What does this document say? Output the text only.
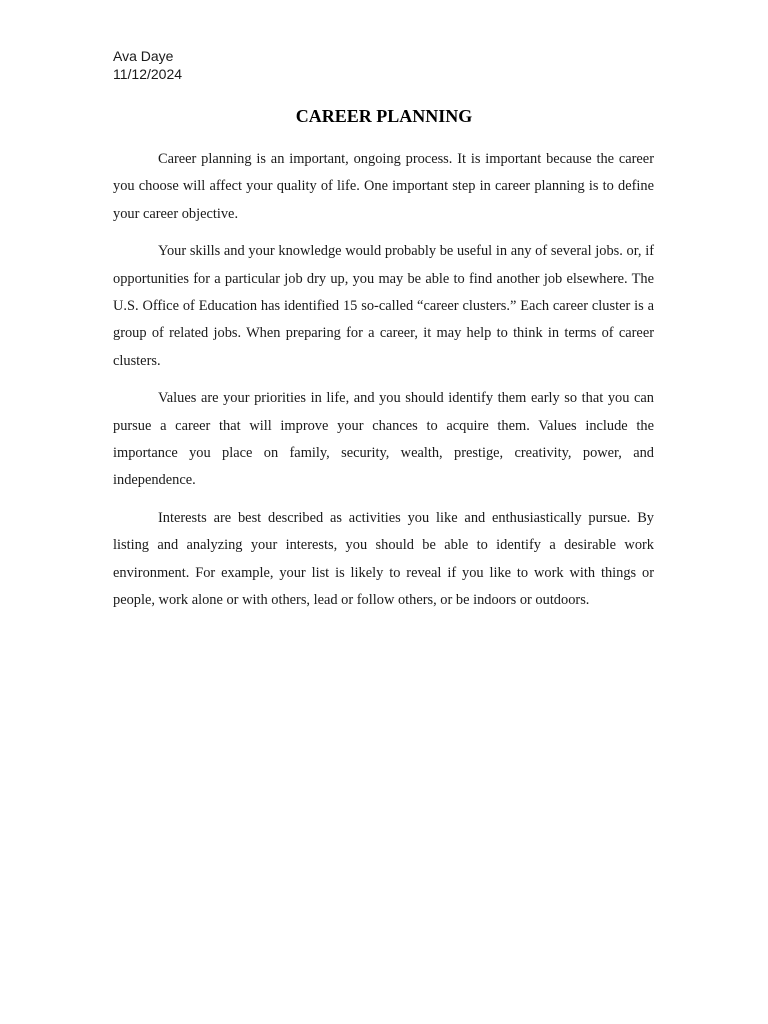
Ava Daye
11/12/2024
CAREER PLANNING

Career planning is an important, ongoing process. It is important because the career you choose will affect your quality of life. One important step in career planning is to define your career objective.

Your skills and your knowledge would probably be useful in any of several jobs. or, if opportunities for a particular job dry up, you may be able to find another job elsewhere. The U.S. Office of Education has identified 15 so-called “career clusters.” Each career cluster is a group of related jobs. When preparing for a career, it may help to think in terms of career clusters.

Values are your priorities in life, and you should identify them early so that you can pursue a career that will improve your chances to acquire them. Values include the importance you place on family, security, wealth, prestige, creativity, power, and independence.

Interests are best described as activities you like and enthusiastically pursue. By listing and analyzing your interests, you should be able to identify a desirable work environment. For example, your list is likely to reveal if you like to work with things or people, work alone or with others, lead or follow others, or be indoors or outdoors.
